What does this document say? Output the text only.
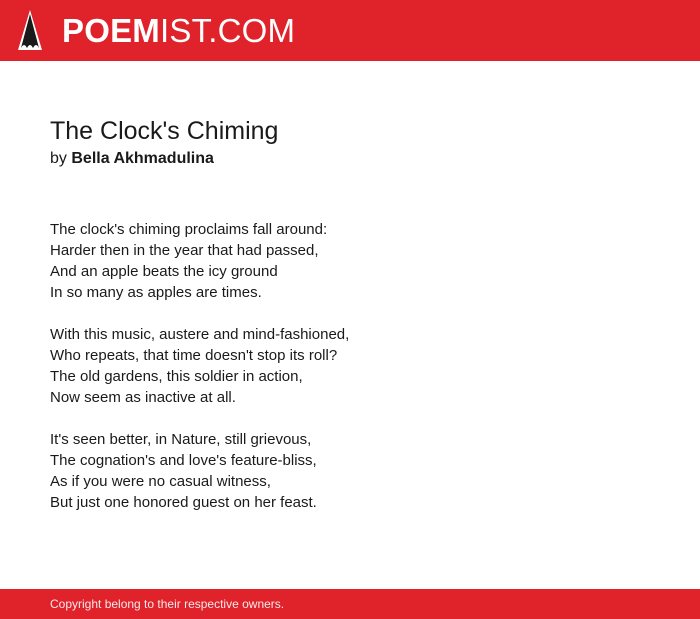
POEMIST.COM
The Clock's Chiming
by Bella Akhmadulina

The clock's chiming proclaims fall around:
Harder then in the year that had passed,
And an apple beats the icy ground
In so many as apples are times.

With this music, austere and mind-fashioned,
Who repeats, that time doesn't stop its roll?
The old gardens, this soldier in action,
Now seem as inactive at all.

It's seen better, in Nature, still grievous,
The cognation's and love's feature-bliss,
As if you were no casual witness,
But just one honored guest on her feast.

Copyright belong to their respective owners.
